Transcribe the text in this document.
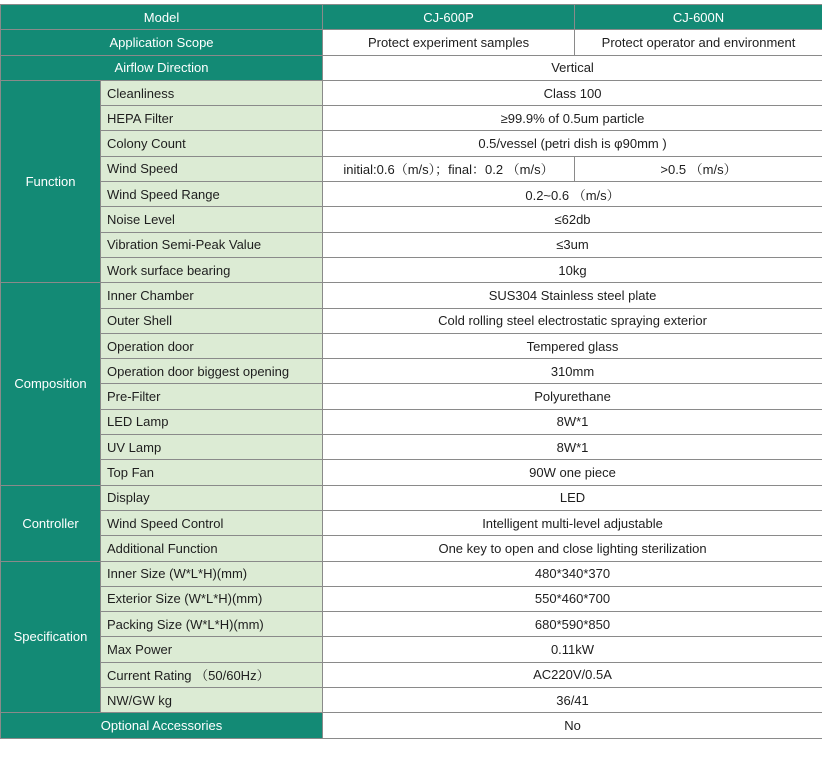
Model		CJ-600P	CJ-600N
Application Scope		Protect experiment samples	Protect operator and environment
Airflow Direction		Vertical	
Function	Cleanliness	Class 100	
	HEPA Filter	≥99.9% of 0.5um particle	
	Colony Count	0.5/vessel (petri dish is φ90mm )	
	Wind Speed	initial:0.6（m/s）；final：0.2 （m/s）	>0.5 （m/s）
	Wind Speed Range	0.2~0.6 （m/s）	
	Noise Level	≤62db	
	Vibration Semi-Peak Value	≤3um	
	Work surface bearing	10kg	
Composition	Inner Chamber	SUS304 Stainless steel plate	
	Outer Shell	Cold rolling steel electrostatic spraying exterior	
	Operation door	Tempered glass	
	Operation door biggest opening	310mm	
	Pre-Filter	Polyurethane	
	LED Lamp	8W*1	
	UV Lamp	8W*1	
	Top Fan	90W one piece	
Controller	Display	LED	
	Wind Speed Control	Intelligent multi-level adjustable	
	Additional Function	One key to open and close lighting sterilization	
Specification	Inner Size (W*L*H)(mm)	480*340*370	
	Exterior Size (W*L*H)(mm)	550*460*700	
	Packing Size (W*L*H)(mm)	680*590*850	
	Max Power	0.11kW	
	Current Rating （50/60Hz）	AC220V/0.5A	
	NW/GW kg	36/41	
Optional Accessories		No	
